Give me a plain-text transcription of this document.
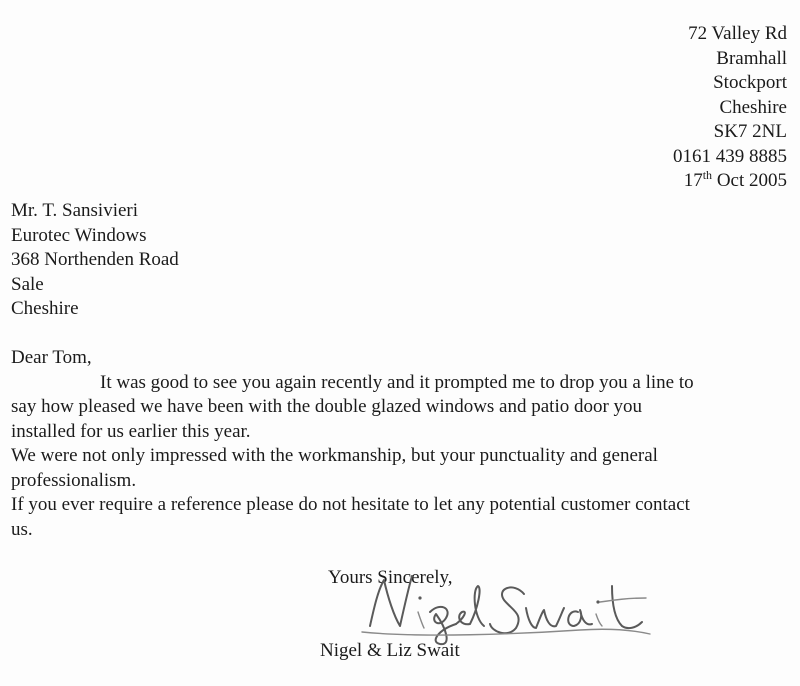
72 Valley Rd
Bramhall
Stockport
Cheshire
SK7 2NL
0161 439 8885
17th Oct 2005
Mr. T. Sansivieri
Eurotec Windows
368 Northenden Road
Sale
Cheshire
Dear Tom,
It was good to see you again recently and it prompted me to drop you a line to
say how pleased we have been with the double glazed windows and patio door you
installed for us earlier this year.
We were not only impressed with the workmanship, but your punctuality and general
professionalism.
If you ever require a reference please do not hesitate to let any potential customer contact
us.
Yours Sincerely,
Nigel & Liz Swait
